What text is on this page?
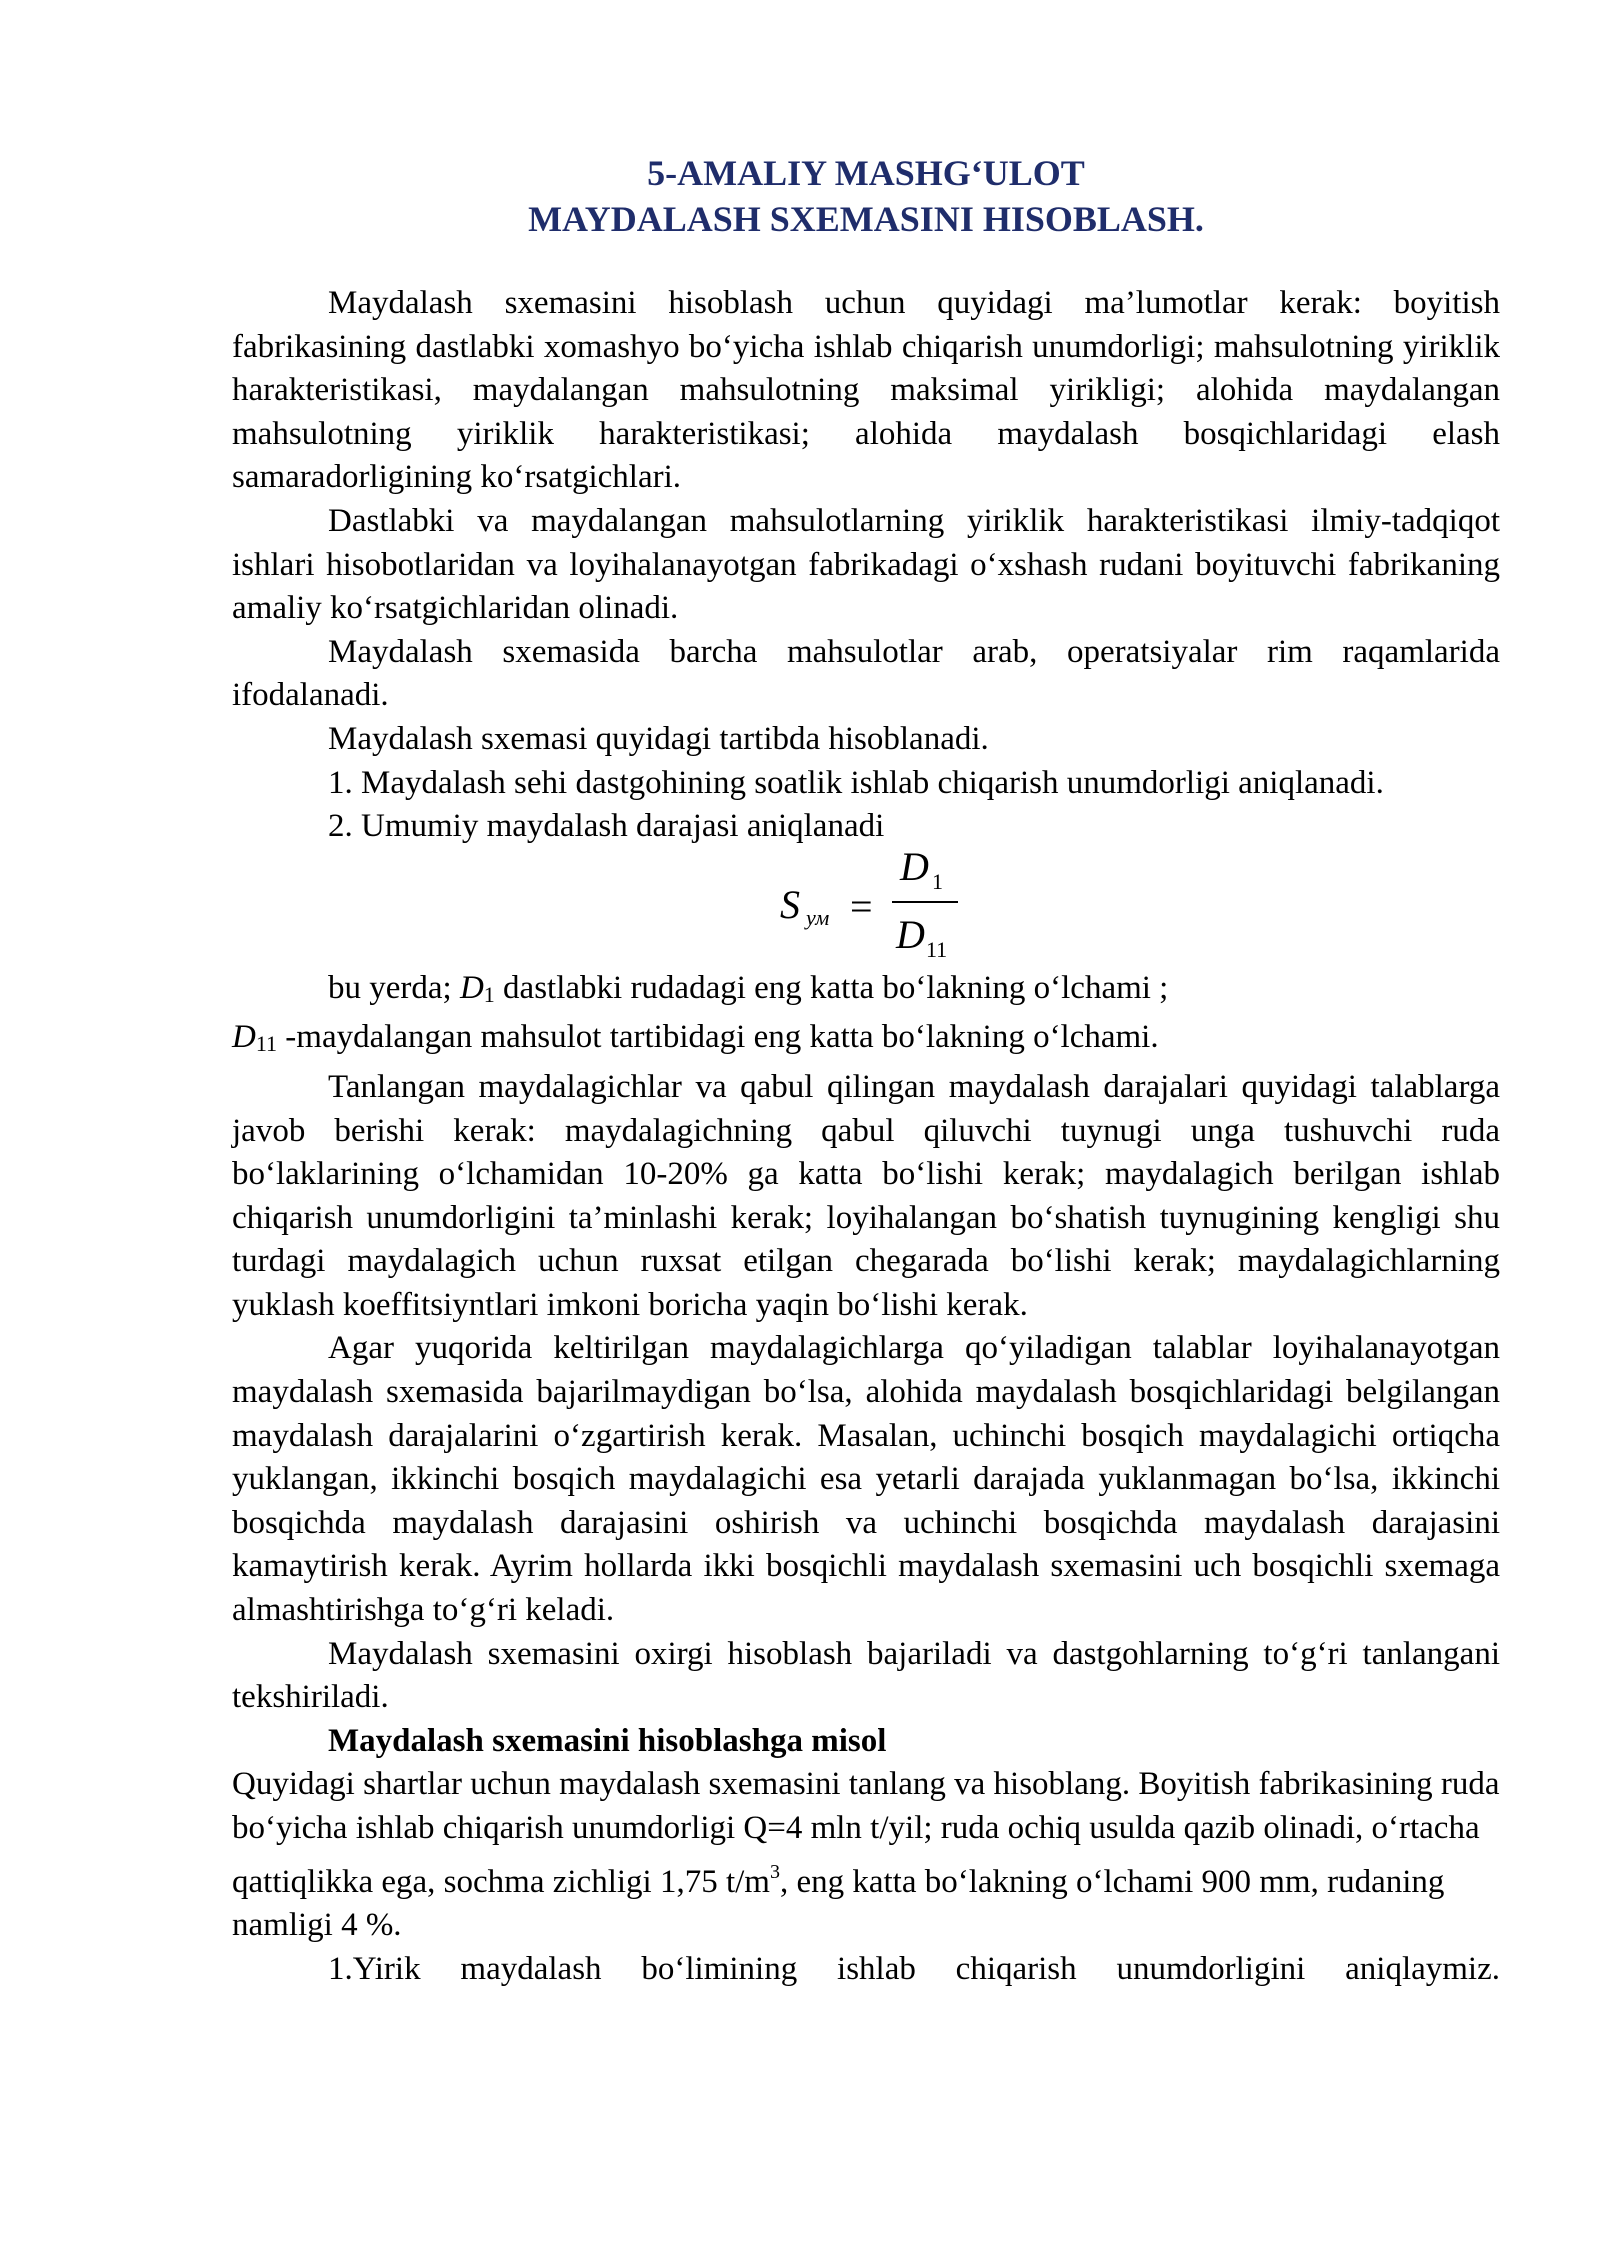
5-AMALIY MASHG‘ULOT
MAYDALASH SXEMASINI HISOBLASH.

Maydalash sxemasini hisoblash uchun quyidagi ma’lumotlar kerak: boyitish fabrikasining dastlabki xomashyo bo‘yicha ishlab chiqarish unumdorligi; mahsulotning yiriklik harakteristikasi, maydalangan mahsulotning maksimal yirikligi; alohida maydalangan mahsulotning yiriklik harakteristikasi; alohida maydalash bosqichlaridagi elash samaradorligining ko‘rsatgichlari.

Dastlabki va maydalangan mahsulotlarning yiriklik harakteristikasi ilmiy-tadqiqot ishlari hisobotlaridan va loyihalanayotgan fabrikadagi o‘xshash rudani boyituvchi fabrikaning amaliy ko‘rsatgichlaridan olinadi.

Maydalash sxemasida barcha mahsulotlar arab, operatsiyalar rim raqamlarida ifodalanadi.

Maydalash sxemasi quyidagi tartibda hisoblanadi.

1. Maydalash sehi dastgohining soatlik ishlab chiqarish unumdorligi aniqlanadi.

2. Umumiy maydalash darajasi aniqlanadi

S ум =
D 1
D 11

bu yerda; D1 dastlabki rudadagi eng katta bo‘lakning o‘lchami ;

D11 -maydalangan mahsulot tartibidagi eng katta bo‘lakning o‘lchami.

Tanlangan maydalagichlar va qabul qilingan maydalash darajalari quyidagi talablarga javob berishi kerak: maydalagichning qabul qiluvchi tuynugi unga tushuvchi ruda bo‘laklarining o‘lchamidan 10-20% ga katta bo‘lishi kerak; maydalagich berilgan ishlab chiqarish unumdorligini ta’minlashi kerak; loyihalangan bo‘shatish tuynugining kengligi shu turdagi maydalagich uchun ruxsat etilgan chegarada bo‘lishi kerak; maydalagichlarning yuklash koeffitsiyntlari imkoni boricha yaqin bo‘lishi kerak.

Agar yuqorida keltirilgan maydalagichlarga qo‘yiladigan talablar loyihalanayotgan maydalash sxemasida bajarilmaydigan bo‘lsa, alohida maydalash bosqichlaridagi belgilangan maydalash darajalarini o‘zgartirish kerak. Masalan, uchinchi bosqich maydalagichi ortiqcha yuklangan, ikkinchi bosqich maydalagichi esa yetarli darajada yuklanmagan bo‘lsa, ikkinchi bosqichda maydalash darajasini oshirish va uchinchi bosqichda maydalash darajasini kamaytirish kerak. Ayrim hollarda ikki bosqichli maydalash sxemasini uch bosqichli sxemaga almashtirishga to‘g‘ri keladi.

Maydalash sxemasini oxirgi hisoblash bajariladi va dastgohlarning to‘g‘ri tanlangani tekshiriladi.

Maydalash sxemasini hisoblashga misol

Quyidagi shartlar uchun maydalash sxemasini tanlang va hisoblang. Boyitish fabrikasining ruda bo‘yicha ishlab chiqarish unumdorligi Q=4 mln t/yil; ruda ochiq usulda qazib olinadi, o‘rtacha qattiqlikka ega, sochma zichligi 1,75 $t/m^3$, eng katta bo‘lakning o‘lchami 900 mm, rudaning namligi 4 %.

1.Yirik maydalash bo‘limining ishlab chiqarish unumdorligini aniqlaymiz.
